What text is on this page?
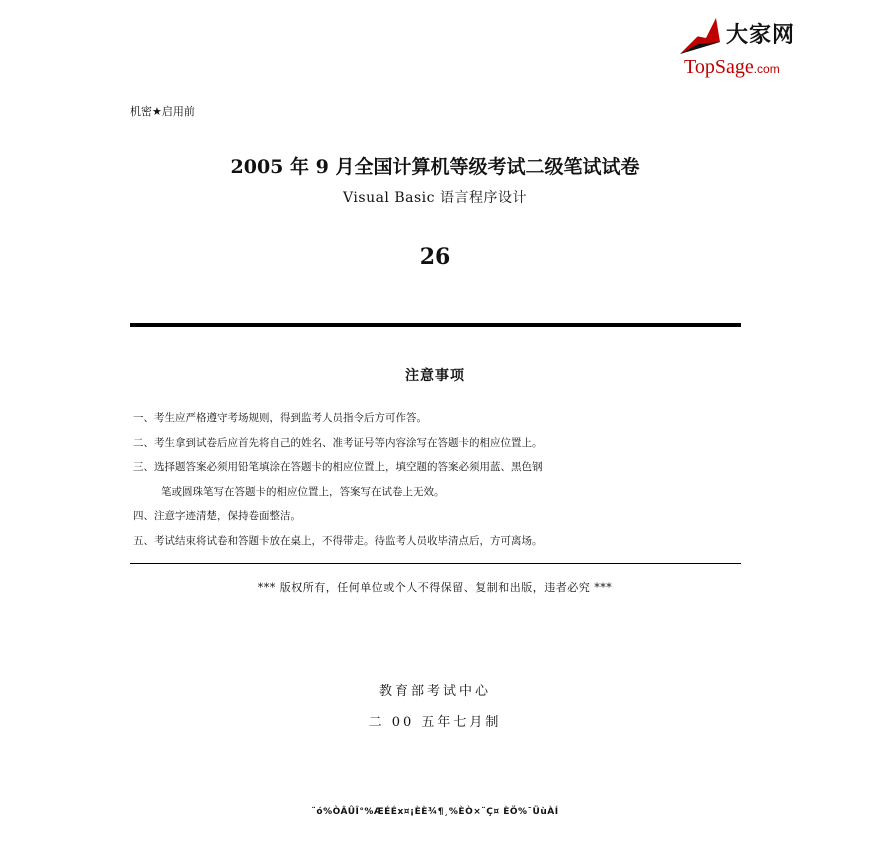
大家网
TopSage.com
机密★启用前
2005 年 9 月全国计算机等级考试二级笔试试卷
Visual Basic 语言程序设计
26
注意事项
一、考生应严格遵守考场规则，得到监考人员指令后方可作答。
二、考生拿到试卷后应首先将自己的姓名、准考证号等内容涂写在答题卡的相应位置上。
三、选择题答案必须用铅笔填涂在答题卡的相应位置上，填空题的答案必须用蓝、黑色钢
笔或圆珠笔写在答题卡的相应位置上，答案写在试卷上无效。
四、注意字迹清楚，保持卷面整洁。
五、考试结束将试卷和答题卡放在桌上，不得带走。待监考人员收毕清点后，方可离场。
*** 版权所有，任何单位或个人不得保留、复制和出版，违者必究 ***
教育部考试中心
二 00 五年七月制
¨ó%ÒÂÛÎ°%ÆÉÉx¤¡ÈÈ¾¶¸%ÈÒ×¨Ç¤ ÈÖ%¯ÜùÀÍ
